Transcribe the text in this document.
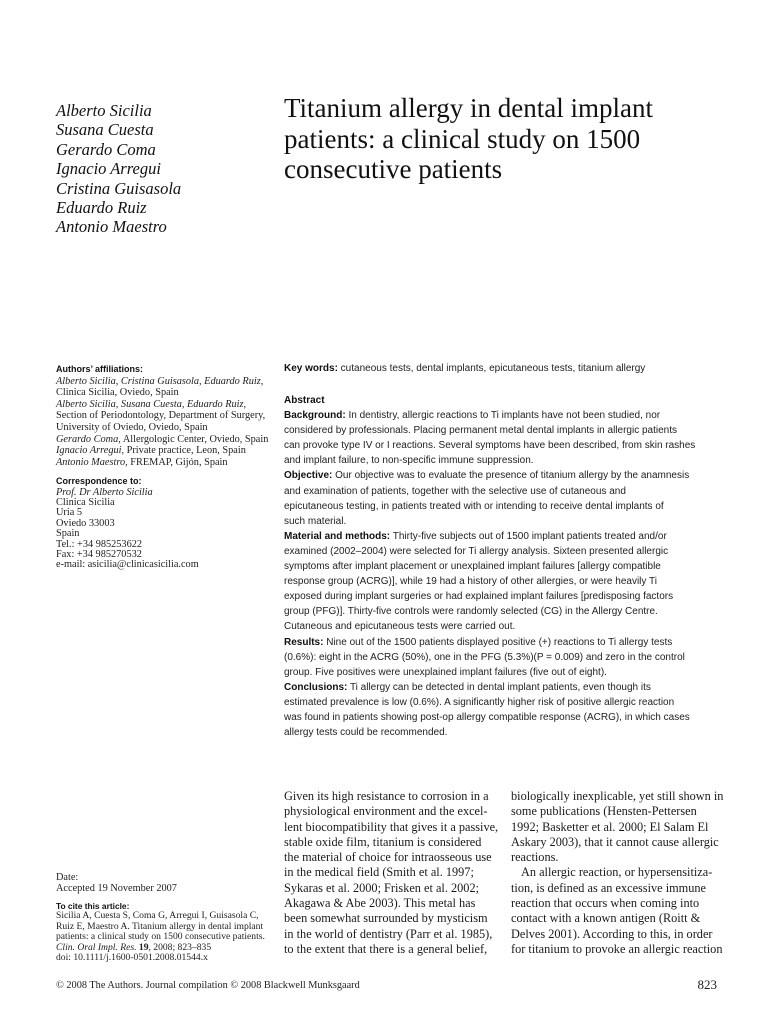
Alberto Sicilia
Susana Cuesta
Gerardo Coma
Ignacio Arregui
Cristina Guisasola
Eduardo Ruiz
Antonio Maestro
Titanium allergy in dental implant
patients: a clinical study on 1500
consecutive patients
Authors’ affiliations:
Alberto Sicilia, Cristina Guisasola, Eduardo Ruiz,
Clinica Sicilia, Oviedo, Spain
Alberto Sicilia, Susana Cuesta, Eduardo Ruiz,
Section of Periodontology, Department of Surgery,
University of Oviedo, Oviedo, Spain
Gerardo Coma, Allergologic Center, Oviedo, Spain
Ignacio Arregui, Private practice, Leon, Spain
Antonio Maestro, FREMAP, Gijón, Spain
Correspondence to:
Prof. Dr Alberto Sicilia
Clinica Sicilia
Uria 5
Oviedo 33003
Spain
Tel.: +34 985253622
Fax: +34 985270532
e-mail: asicilia@clinicasicilia.com
Date:
Accepted 19 November 2007
To cite this article:
Sicilia A, Cuesta S, Coma G, Arregui I, Guisasola C,
Ruiz E, Maestro A. Titanium allergy in dental implant
patients: a clinical study on 1500 consecutive patients.
Clin. Oral Impl. Res. 19, 2008; 823–835
doi: 10.1111/j.1600-0501.2008.01544.x
Key words: cutaneous tests, dental implants, epicutaneous tests, titanium allergy
Abstract
Background: In dentistry, allergic reactions to Ti implants have not been studied, nor
considered by professionals. Placing permanent metal dental implants in allergic patients
can provoke type IV or I reactions. Several symptoms have been described, from skin rashes
and implant failure, to non-specific immune suppression.
Objective: Our objective was to evaluate the presence of titanium allergy by the anamnesis
and examination of patients, together with the selective use of cutaneous and
epicutaneous testing, in patients treated with or intending to receive dental implants of
such material.
Material and methods: Thirty-five subjects out of 1500 implant patients treated and/or
examined (2002–2004) were selected for Ti allergy analysis. Sixteen presented allergic
symptoms after implant placement or unexplained implant failures [allergy compatible
response group (ACRG)], while 19 had a history of other allergies, or were heavily Ti
exposed during implant surgeries or had explained implant failures [predisposing factors
group (PFG)]. Thirty-five controls were randomly selected (CG) in the Allergy Centre.
Cutaneous and epicutaneous tests were carried out.
Results: Nine out of the 1500 patients displayed positive (+) reactions to Ti allergy tests
(0.6%): eight in the ACRG (50%), one in the PFG (5.3%)(P = 0.009) and zero in the control
group. Five positives were unexplained implant failures (five out of eight).
Conclusions: Ti allergy can be detected in dental implant patients, even though its
estimated prevalence is low (0.6%). A significantly higher risk of positive allergic reaction
was found in patients showing post-op allergy compatible response (ACRG), in which cases
allergy tests could be recommended.
Given its high resistance to corrosion in a
physiological environment and the excel-
lent biocompatibility that gives it a passive,
stable oxide film, titanium is considered
the material of choice for intraosseous use
in the medical field (Smith et al. 1997;
Sykaras et al. 2000; Frisken et al. 2002;
Akagawa & Abe 2003). This metal has
been somewhat surrounded by mysticism
in the world of dentistry (Parr et al. 1985),
to the extent that there is a general belief,
biologically inexplicable, yet still shown in
some publications (Hensten-Pettersen
1992; Basketter et al. 2000; El Salam El
Askary 2003), that it cannot cause allergic
reactions.
An allergic reaction, or hypersensitiza-
tion, is defined as an excessive immune
reaction that occurs when coming into
contact with a known antigen (Roitt &
Delves 2001). According to this, in order
for titanium to provoke an allergic reaction
© 2008 The Authors. Journal compilation © 2008 Blackwell Munksgaard	823
